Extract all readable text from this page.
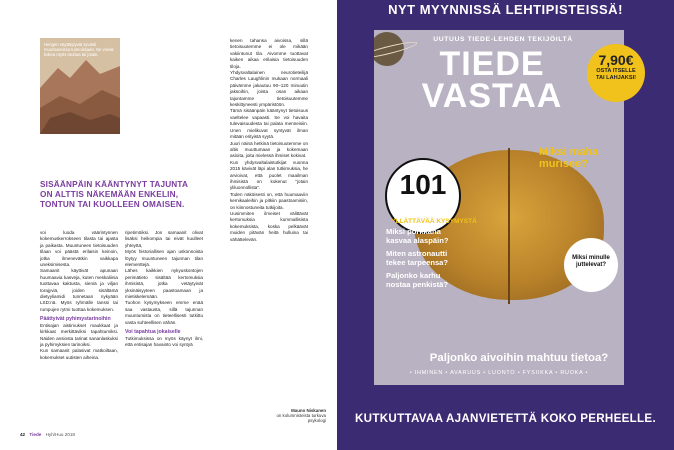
Hengen näyttäytyvät syvästi muuntuneissa tunnoissaan. Ne voivat kokea myös rauhaa tai jotain.
SISÄÄNPÄIN KÄÄNTYNYT TAJUNTA ON ALTTIS NÄKEMÄÄN ENKELIN, TONTUN TAI KUOLLEEN OMAISEN.

voi luoda väärintynnen kokemuskerrokseen tilasta tai ajasta ja paikasta. Muuntuneen tietoisuuden tilaan voi päästä erilaisin keinoin, jotka ilmenevätkin vaikkapa uneksimisesta.

Samaanit käyttivät apunaan huumaavia kasveja, kuten meskaliinia tuottavaa kaktusta, sieniä ja viljan torajyviä, joiden sisältämä dietyyliamidi tunnetaan nykyään LSD:nä. Myös ryhmälle tanssi tai rumpujen rytmi tuottaa kokemuksen.

Päättyivät pyhimystarinoihin

Entisajan aistimukset maukkaat ja kirkkaat merkittäviksi tapahtumiksi. Näiden ansiosta tarinat sananlaskuksi ja pyhimyksien tarinoiksi.

Kun samaanit palasivat matkoiltaan, kokemukset uutisten aiheina.

ripetimöiksi. Jos samaanit olivat lisäksi heikompia tai eivät kuulleet yhteyttä,

Myös historiallisen ajan uskonnoista löytyy muuntuneen tajunnan tilan elementtejä.

Lähes kaikkien nykyuskontojen perimätieto sisältää kertomuksia ihmisistä, jotka vetäytyivät yksinäisyyteen paastoamaan ja mietiskelemään.

Tuohon kysymykseen emme enää saa vastausta, sillä tajunnan muuntumista on tieteellisesti tutkittu vasta suhteellisen vähän.

Voi tapahtua jokaiselle

Tutkimuksissa on myös käynyt ilmi, että entisajan havainto voi syntyä

kenen tahansa aivoissa, sillä tietoisuutemme ei ole mikään vakiintunut tila. Aivomme tuottavat kaiken aikaa erilaisia tietoisuuden tiloja.

Yhdysvaltalainen neurotieteilijä Charles Laughlinin mukaan normaali päivämme jakautuu 90–120 minuutin jaksoihin, joista osan aikaan tajuntamme tietoisuutemme keskittyneesti ympäristöön.

Tämä sisäänpäin kääntynyt tietoisuus vaeltelee vapaasti. Se voi havaita tulevaisuudesta tai palata menneisiin. Unen mielikuvat syntyvät ilman mitään erityistä syytä.

Juuri näinä hetkinä tietoisuutemme on altis muuttumaan ja kokemaan asioita, joita mielessä ihmiset kokivat.

Kun yhdysvaltalaistutkijat vuonna 2015 kävivät läpi alan tutkimuksia, he arvioivat, että puolet maailman ihmisistä on kokenut "jotain yliluonnollista".

Toden näköisesti on, että huumaaviin kemikaaleihin ja pitkiin paastoamisiin, on kiinnostuneita tutkijoita.

Uusimmiten ilmeiset välittävät kertomuksia kummallisista kokemuksista, koska pelkäävät muiden pitävän heitä hulluina tai vähättelevän.

Mauno Niskanen
on kolumnisteista turkuva psykologi
42 Tiede Hyh/Huu 2018
NYT MYYNNISSÄ LEHTIPISTEISSÄ!
UUTUUS TIEDE-LEHDEN TEKIJÖILTÄ
TIEDE
VASTAA
Miksi maha murisee?
101
YLLÄTTÄVÄÄ KYSYMYSTÄ
Miksi porkkana kasvaa alaspäin?
Miten astronautti tekee tarpeensa?
Paljonko karhu nostaa penkistä?
Miksi minulle juttelevat?
Paljonko aivoihin mahtuu tietoa?
• IHMINEN • AVARUUS • LUONTO • FYSIIKKA • RUOKA •
7,90€
OSTA ITSELLE
TAI LAHJAKSI!
KUTKUTTAVAA AJANVIETETTÄ KOKO PERHEELLE.
